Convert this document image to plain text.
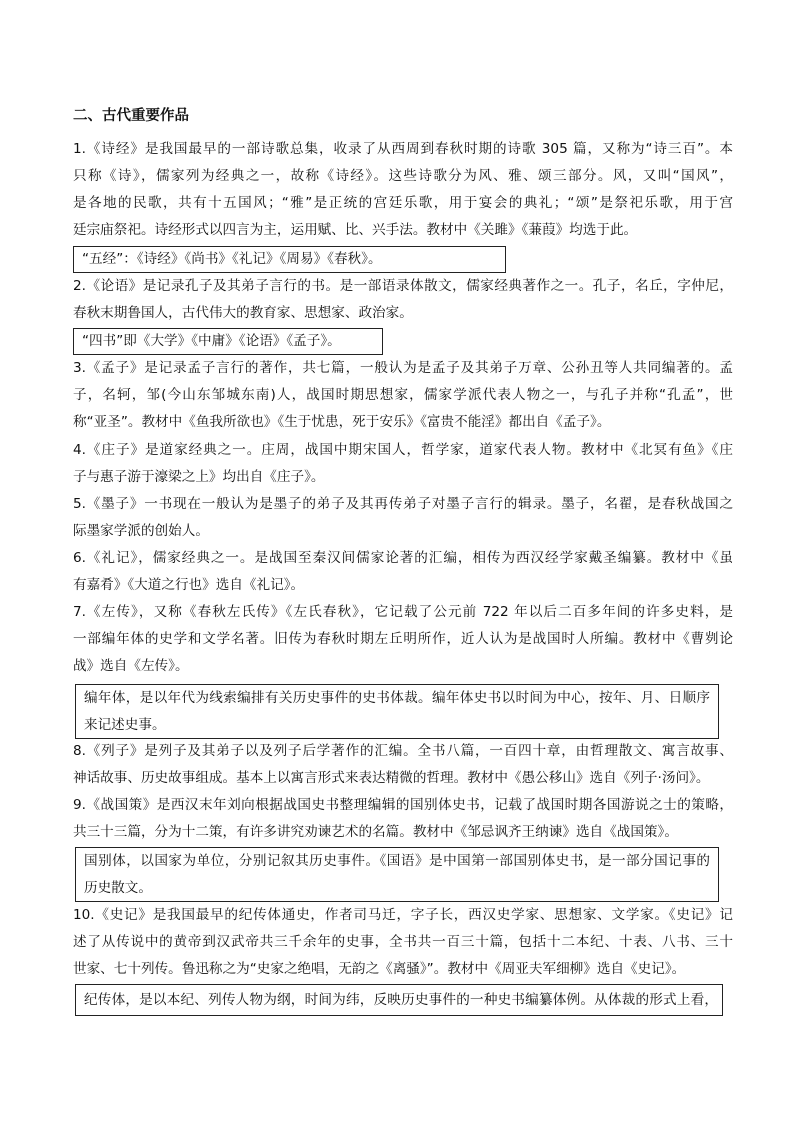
二、古代重要作品
1.《诗经》是我国最早的一部诗歌总集，收录了从西周到春秋时期的诗歌 305 篇，又称为“诗三百”。本
只称《诗》，儒家列为经典之一，故称《诗经》。这些诗歌分为风、雅、颂三部分。风，又叫“国风”，
是各地的民歌，共有十五国风；“雅”是正统的宫廷乐歌，用于宴会的典礼；“颂”是祭祀乐歌，用于宫
廷宗庙祭祀。诗经形式以四言为主，运用赋、比、兴手法。教材中《关雎》《蒹葭》均选于此。
“五经”：《诗经》《尚书》《礼记》《周易》《春秋》。
2.《论语》是记录孔子及其弟子言行的书。是一部语录体散文，儒家经典著作之一。孔子，名丘，字仲尼，
春秋末期鲁国人，古代伟大的教育家、思想家、政治家。
“四书”即《大学》《中庸》《论语》《孟子》。
3.《孟子》是记录孟子言行的著作，共七篇，一般认为是孟子及其弟子万章、公孙丑等人共同编著的。孟
子，名轲，邹(今山东邹城东南)人，战国时期思想家，儒家学派代表人物之一，与孔子并称“孔孟”，世
称“亚圣”。教材中《鱼我所欲也》《生于忧患，死于安乐》《富贵不能淫》都出自《孟子》。
4.《庄子》是道家经典之一。庄周，战国中期宋国人，哲学家，道家代表人物。教材中《北冥有鱼》《庄
子与惠子游于濠梁之上》均出自《庄子》。
5.《墨子》一书现在一般认为是墨子的弟子及其再传弟子对墨子言行的辑录。墨子，名翟，是春秋战国之
际墨家学派的创始人。
6.《礼记》，儒家经典之一。是战国至秦汉间儒家论著的汇编，相传为西汉经学家戴圣编纂。教材中《虽
有嘉肴》《大道之行也》选自《礼记》。
7.《左传》，又称《春秋左氏传》《左氏春秋》，它记载了公元前 722 年以后二百多年间的许多史料，是
一部编年体的史学和文学名著。旧传为春秋时期左丘明所作，近人认为是战国时人所编。教材中《曹刿论
战》选自《左传》。
编年体，是以年代为线索编排有关历史事件的史书体裁。编年体史书以时间为中心，按年、月、日顺序
来记述史事。
8.《列子》是列子及其弟子以及列子后学著作的汇编。全书八篇，一百四十章，由哲理散文、寓言故事、
神话故事、历史故事组成。基本上以寓言形式来表达精微的哲理。教材中《愚公移山》选自《列子·汤问》。
9.《战国策》是西汉末年刘向根据战国史书整理编辑的国别体史书，记载了战国时期各国游说之士的策略，
共三十三篇，分为十二策，有许多讲究劝谏艺术的名篇。教材中《邹忌讽齐王纳谏》选自《战国策》。
国别体，以国家为单位，分别记叙其历史事件。《国语》是中国第一部国别体史书，是一部分国记事的
历史散文。
10.《史记》是我国最早的纪传体通史，作者司马迁，字子长，西汉史学家、思想家、文学家。《史记》记
述了从传说中的黄帝到汉武帝共三千余年的史事，全书共一百三十篇，包括十二本纪、十表、八书、三十
世家、七十列传。鲁迅称之为“史家之绝唱，无韵之《离骚》”。教材中《周亚夫军细柳》选自《史记》。
纪传体，是以本纪、列传人物为纲，时间为纬，反映历史事件的一种史书编纂体例。从体裁的形式上看，
